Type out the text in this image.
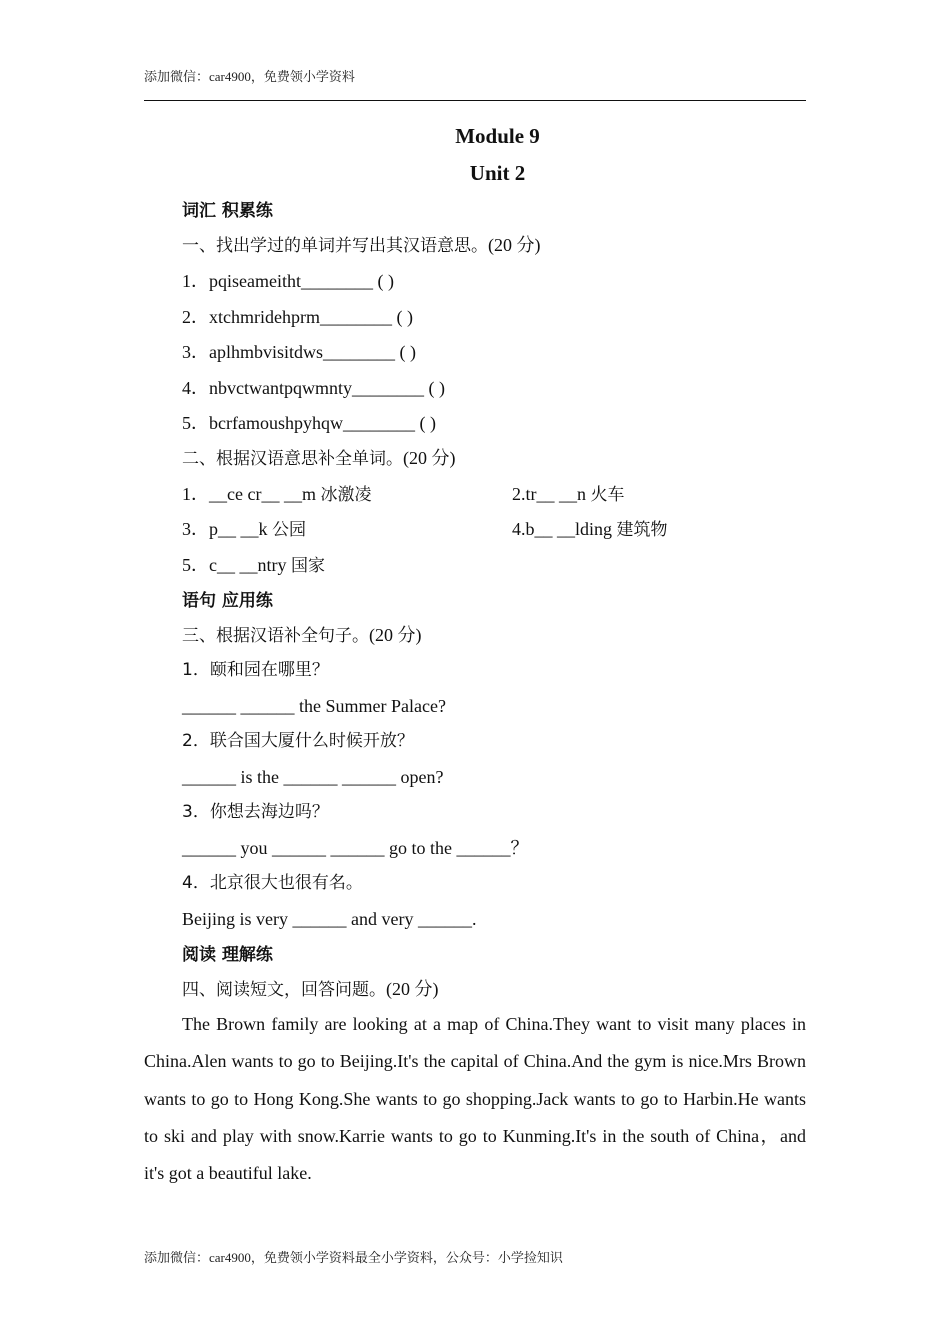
添加微信：car4900，免费领小学资料
Module 9
Unit 2
词汇 积累练
一、找出学过的单词并写出其汉语意思。(20 分)
1．pqiseameitht________ ( )
2．xtchmridehprm________ ( )
3．aplhmbvisitdws________ ( )
4．nbvctwantpqwmnty________ ( )
5．bcrfamoushpyhqw________ ( )
二、根据汉语意思补全单词。(20 分)
1．__ce cr__ __m 冰激凌	2.tr__ __n 火车
3．p__ __k 公园	4.b__ __lding 建筑物
5．c__ __ntry 国家
语句 应用练
三、根据汉语补全句子。(20 分)
1．颐和园在哪里？
______ ______ the Summer Palace?
2．联合国大厦什么时候开放？
______ is the ______ ______ open?
3．你想去海边吗？
______ you ______ ______ go to the ______？
4．北京很大也很有名。
Beijing is very ______ and very ______.
阅读 理解练
四、阅读短文，回答问题。(20 分)
The Brown family are looking at a map of China.They want to visit many places in China.Alen wants to go to Beijing.It's the capital of China.And the gym is nice.Mrs Brown wants to go to Hong Kong.She wants to go shopping.Jack wants to go to Harbin.He wants to ski and play with snow.Karrie wants to go to Kunming.It's in the south of China，and it's got a beautiful lake.
添加微信：car4900，免费领小学资料最全小学资料，公众号：小学捡知识
